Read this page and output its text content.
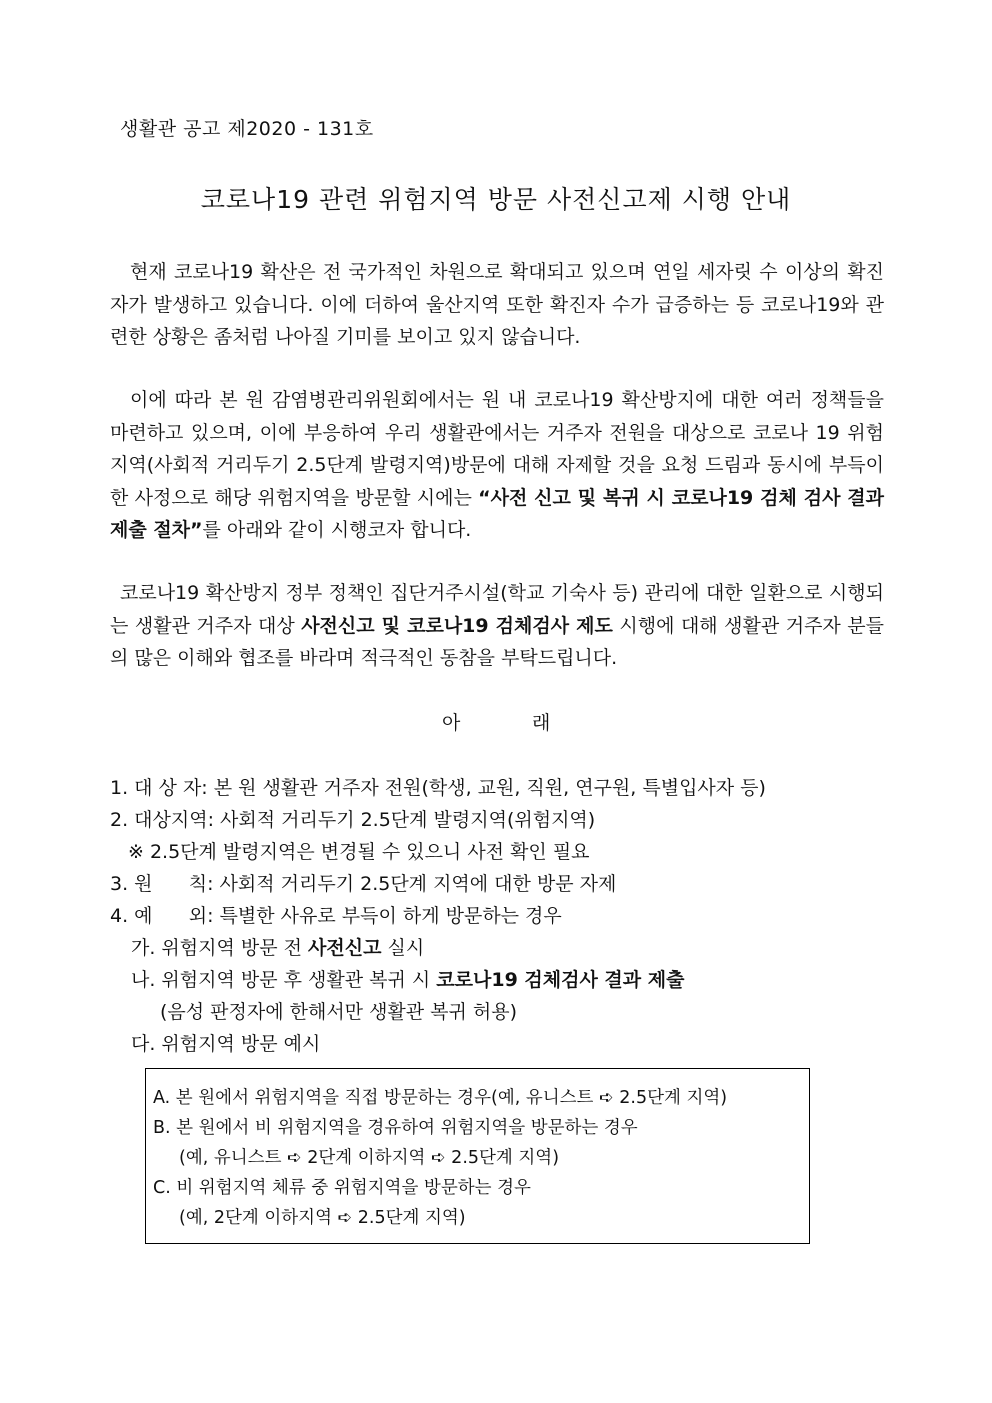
생활관 공고 제2020 - 131호
코로나19 관련 위험지역 방문 사전신고제 시행 안내

현재 코로나19 확산은 전 국가적인 차원으로 확대되고 있으며 연일 세자릿 수 이상의 확진자가 발생하고 있습니다. 이에 더하여 울산지역 또한 확진자 수가 급증하는 등 코로나19와 관련한 상황은 좀처럼 나아질 기미를 보이고 있지 않습니다.

이에 따라 본 원 감염병관리위원회에서는 원 내 코로나19 확산방지에 대한 여러 정책들을 마련하고 있으며, 이에 부응하여 우리 생활관에서는 거주자 전원을 대상으로 코로나 19 위험지역(사회적 거리두기 2.5단계 발령지역)방문에 대해 자제할 것을 요청 드림과 동시에 부득이한 사정으로 해당 위험지역을 방문할 시에는 “사전 신고 및 복귀 시 코로나19 검체 검사 결과 제출 절차”를 아래와 같이 시행코자 합니다.

코로나19 확산방지 정부 정책인 집단거주시설(학교 기숙사 등) 관리에 대한 일환으로 시행되는 생활관 거주자 대상 사전신고 및 코로나19 검체검사 제도 시행에 대해 생활관 거주자 분들의 많은 이해와 협조를 바라며 적극적인 동참을 부탁드립니다.

아	래
1. 대 상 자: 본 원 생활관 거주자 전원(학생, 교원, 직원, 연구원, 특별입사자 등)
2. 대상지역: 사회적 거리두기 2.5단계 발령지역(위험지역)
※ 2.5단계 발령지역은 변경될 수 있으니 사전 확인 필요
3. 원      칙: 사회적 거리두기 2.5단계 지역에 대한 방문 자제
4. 예      외: 특별한 사유로 부득이 하게 방문하는 경우
가. 위험지역 방문 전 사전신고 실시
나. 위험지역 방문 후 생활관 복귀 시 코로나19 검체검사 결과 제출
(음성 판정자에 한해서만 생활관 복귀 허용)
다. 위험지역 방문 예시
A. 본 원에서 위험지역을 직접 방문하는 경우(예, 유니스트 ➪ 2.5단계 지역)
B. 본 원에서 비 위험지역을 경유하여 위험지역을 방문하는 경우
(예, 유니스트 ➪ 2단계 이하지역 ➪ 2.5단계 지역)
C. 비 위험지역 체류 중 위험지역을 방문하는 경우
(예, 2단계 이하지역 ➪ 2.5단계 지역)
